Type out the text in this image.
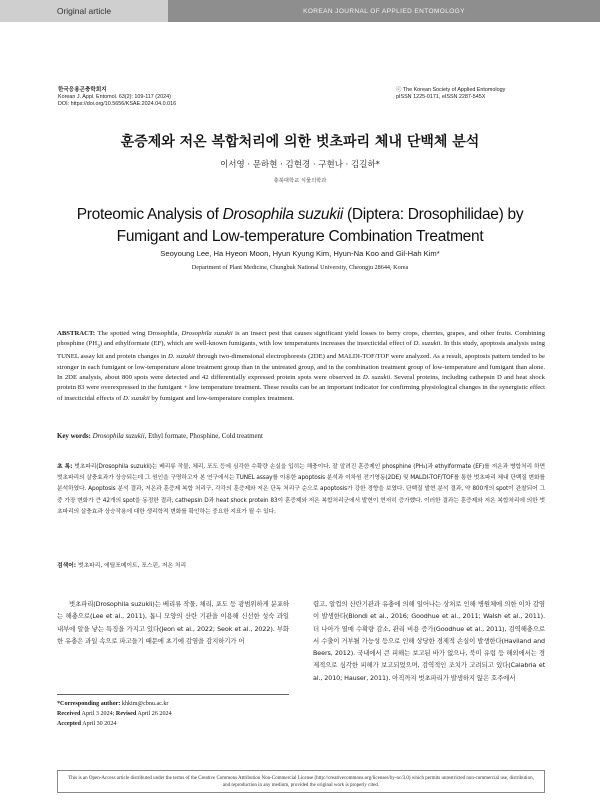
Original article	KOREAN JOURNAL OF APPLIED ENTOMOLOGY
한국응용곤충학회지
Korean J. Appl. Entomol. 63(2): 109-117 (2024)
DOI: https://doi.org/10.5656/KSAE.2024.04.0.016
ⓒ The Korean Society of Applied Entomology
pISSN 1225-0171, eISSN 2287-545X
훈증제와 저온 복합처리에 의한 벗초파리 체내 단백체 분석
이서영 · 문하현 · 김현경 · 구현나 · 김길하*
충북대학교 식물의학과
Proteomic Analysis of Drosophila suzukii (Diptera: Drosophilidae) by
Fumigant and Low-temperature Combination Treatment
Seoyoung Lee, Ha Hyeon Moon, Hyun Kyung Kim, Hyun-Na Koo and Gil-Hah Kim*
Department of Plant Medicine, Chungbuk National University, Cheongju 28644, Korea
ABSTRACT: The spotted wing Drosophila, Drosophila suzukii is an insect pest that causes significant yield losses to berry crops, cherries, grapes, and other fruits. Combining phosphine $(PH_3)$ and ethylformate (EF), which are well-known fumigants, with low temperatures increases the insecticidal effect of D. suzukii. In this study, apoptosis analysis using TUNEL assay kit and protein changes in D. suzukii through two-dimensional electrophoresis (2DE) and MALDI-TOF/TOF were analyzed. As a result, apoptosis pattern tended to be stronger in each fumigant or low-temperature alone treatment group than in the untreated group, and in the combination treatment group of low-temperature and fumigant than alone. In 2DE analysis, about 800 spots were detected and 42 differentially expressed protein spots were observed in D. suzukii. Several proteins, including cathepsin D and heat shock protein 83 were overexpressed in the fumigant + low temperature treatment. These results can be an important indicator for confirming physiological changes in the synergistic effect of insecticidal effects of D. suzukii by fumigant and low-temperature complex treatment.
Key words: Drosophila suzukii, Ethyl formate, Phosphine, Cold treatment
초 록: 벗초파리(Drosophila suzukii)는 베리류 작물, 체리, 포도 등에 심각한 수확량 손실을 입히는 해충이다. 잘 알려진 훈증제인 phosphine (PH₃)과 ethylformate (EF)를 저온과 병합처리 하면 벗초파리의 살충효과가 상승되는데 그 원인을 구명하고자 본 연구에서는 TUNEL assay를 이용한 apoptosis 분석과 이차원 전기영동(2DE) 및 MALDI-TOF/TOF를 통한 벗초파리 체내 단백질 변화를 분석하였다. Apoptosis 분석 결과, 저온과 훈증제 복합 처리구, 각각의 훈증제와 저온 단독 처리구 순으로 apoptosis가 강한 경향을 보였다. 단백질 발현 분석 결과, 약 800개의 spot이 관찰되어 그 중 가장 변화가 큰 42개의 spot을 동정한 결과, cathepsin D과 heat shock protein 83이 훈증제와 저온 복합처리군에서 발현이 현저히 증가했다. 이러한 결과는 훈증제와 저온 복합처리에 의한 벗초파리의 살충효과 상승작용에 대한 생리학적 변화를 확인하는 중요한 지표가 될 수 있다.
검색어: 벗초파리, 에틸포메이트, 포스핀, 저온 처리
벗초파리(Drosophila suzukii)는 베리류 작물, 체리, 포도 등 광범위하게 분포하는 해충으로(Lee et al., 2011), 톱니 모양의 산란 기관을 이용해 신선한 성숙 과일 내부에 알을 낳는 특징을 가지고 있다(Jeon et al., 2022; Seok et al., 2022). 부화한 유충은 과일 속으로 파고들기 때문에 초기에 감염을 감지하기가 어
렵고, 알껍의 산란기관과 유충에 의해 일어나는 상처로 인해 병원체에 의한 이차 감염이 발생한다(Biondi et al., 2016; Goodhue et al., 2011; Walsh et al., 2011). 더 나아가 열매 수확량 감소, 관리 비용 증가(Goodhue et al., 2011), 검역해충으로서 수출이 거부될 가능성 등으로 인해 상당한 경제적 손실이 발생한다(Haviland and Beers, 2012). 국내에서 큰 피해는 보고된 바가 없으나, 북미 유럽 등 해외에서는 경제적으로 심각한 피해가 보고되었으며, 검역적인 조치가 고려되고 있다(Calabria et al., 2010; Hauser, 2011). 아직까지 벗초파리가 발생하지 않은 호주에서
*Corresponding author: khkim@cbnu.ac.kr
Received April 3 2024; Revised April 26 2024
Accepted April 30 2024
This is an Open-Access article distributed under the terms of the Creative Commons Attribution Non-Commercial License (http://creativecommons.org/licenses/by-nc/3.0) which permits unrestricted non-commercial use, distribution, and reproduction in any medium, provided the original work is properly cited.
